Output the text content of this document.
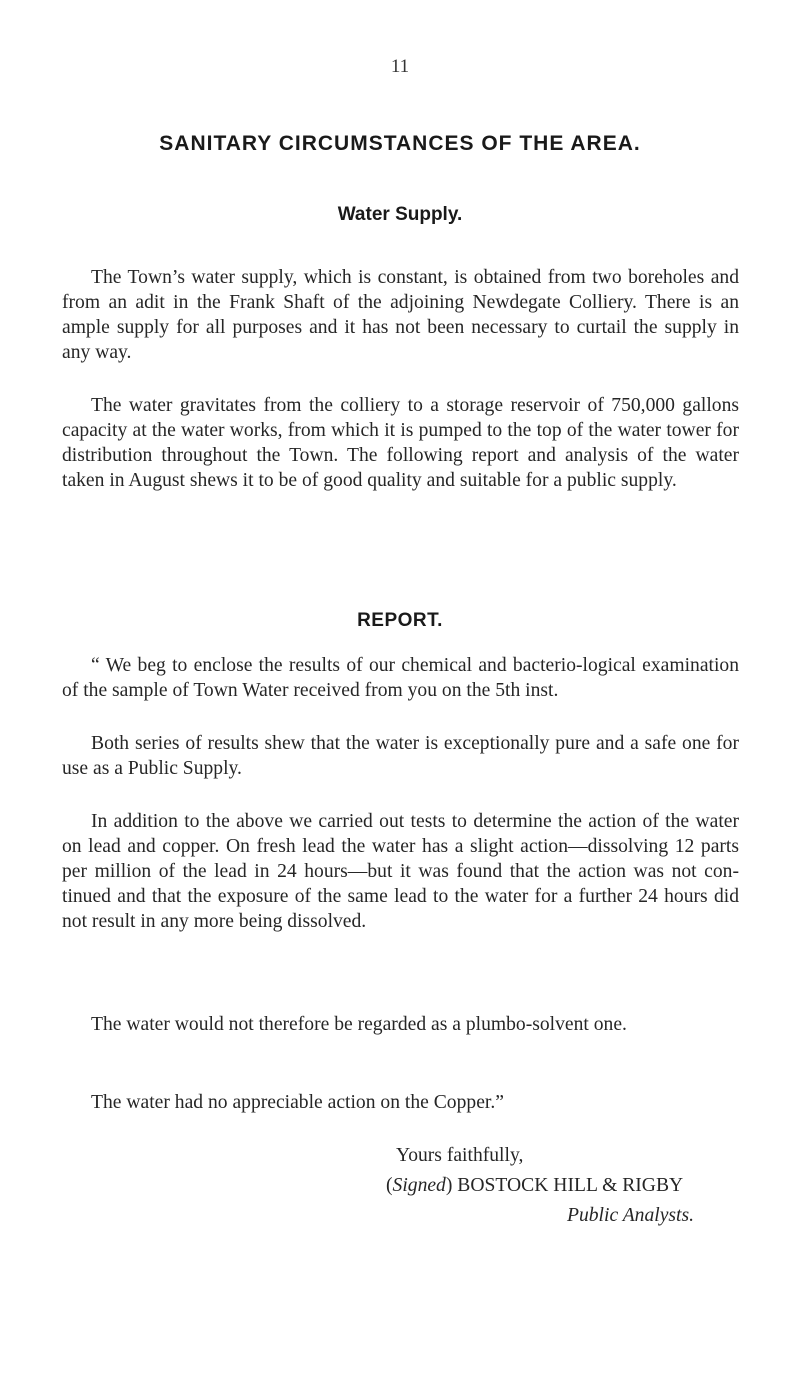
11
SANITARY CIRCUMSTANCES OF THE AREA.
Water Supply.

The Town’s water supply, which is constant, is obtained from two boreholes and from an adit in the Frank Shaft of the adjoining Newdegate Colliery. There is an ample supply for all purposes and it has not been necessary to curtail the supply in any way.

The water gravitates from the colliery to a storage reservoir of 750,000 gallons capacity at the water works, from which it is pumped to the top of the water tower for distribution throughout the Town. The following report and analysis of the water taken in August shews it to be of good quality and suitable for a public supply.

REPORT.

“ We beg to enclose the results of our chemical and bacterio-logical examination of the sample of Town Water received from you on the 5th inst.

Both series of results shew that the water is exceptionally pure and a safe one for use as a Public Supply.

In addition to the above we carried out tests to determine the action of the water on lead and copper. On fresh lead the water has a slight action—dissolving 12 parts per million of the lead in 24 hours—but it was found that the action was not con-tinued and that the exposure of the same lead to the water for a further 24 hours did not result in any more being dissolved.

The water would not therefore be regarded as a plumbo-solvent one.

The water had no appreciable action on the Copper.”

Yours faithfully,
(Signed) BOSTOCK HILL & RIGBY
Public Analysts.
